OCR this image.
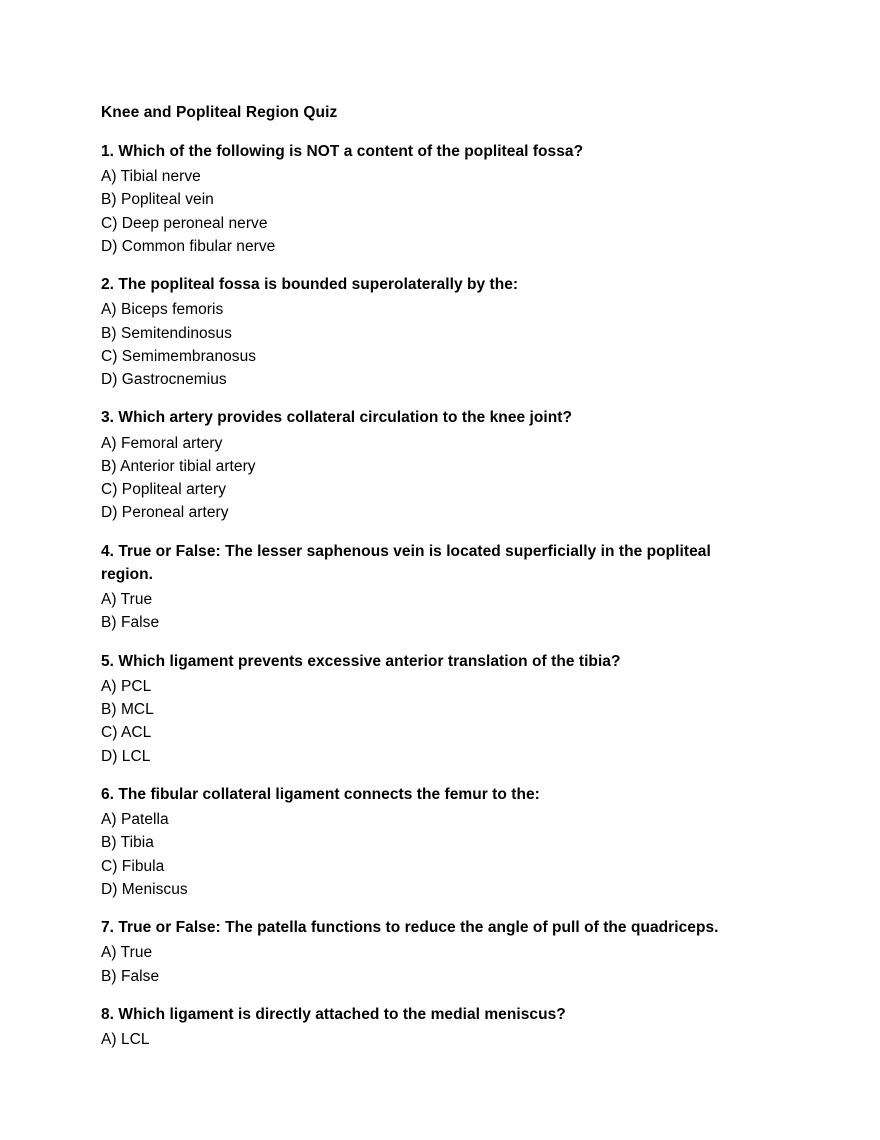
Knee and Popliteal Region Quiz

1. Which of the following is NOT a content of the popliteal fossa?

A) Tibial nerve
B) Popliteal vein
C) Deep peroneal nerve
D) Common fibular nerve

2. The popliteal fossa is bounded superolaterally by the:

A) Biceps femoris
B) Semitendinosus
C) Semimembranosus
D) Gastrocnemius

3. Which artery provides collateral circulation to the knee joint?

A) Femoral artery
B) Anterior tibial artery
C) Popliteal artery
D) Peroneal artery

4. True or False: The lesser saphenous vein is located superficially in the popliteal region.

A) True
B) False

5. Which ligament prevents excessive anterior translation of the tibia?

A) PCL
B) MCL
C) ACL
D) LCL

6. The fibular collateral ligament connects the femur to the:

A) Patella
B) Tibia
C) Fibula
D) Meniscus

7. True or False: The patella functions to reduce the angle of pull of the quadriceps.

A) True
B) False

8. Which ligament is directly attached to the medial meniscus?

A) LCL
